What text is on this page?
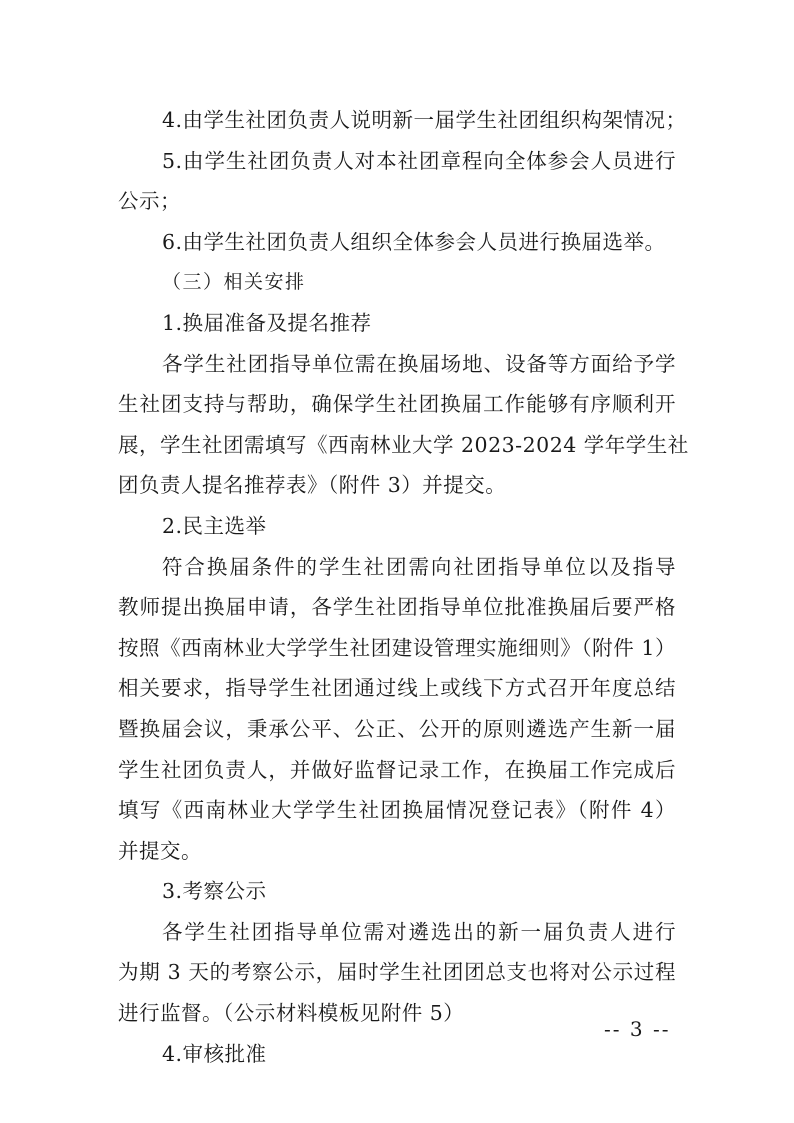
4.由学生社团负责人说明新一届学生社团组织构架情况；
5.由学生社团负责人对本社团章程向全体参会人员进行
公示；
6.由学生社团负责人组织全体参会人员进行换届选举。
（三）相关安排
1.换届准备及提名推荐
各学生社团指导单位需在换届场地、设备等方面给予学
生社团支持与帮助，确保学生社团换届工作能够有序顺利开
展，学生社团需填写《西南林业大学 2023-2024 学年学生社
团负责人提名推荐表》（附件 3）并提交。
2.民主选举
符合换届条件的学生社团需向社团指导单位以及指导
教师提出换届申请，各学生社团指导单位批准换届后要严格
按照《西南林业大学学生社团建设管理实施细则》（附件 1）
相关要求，指导学生社团通过线上或线下方式召开年度总结
暨换届会议，秉承公平、公正、公开的原则遴选产生新一届
学生社团负责人，并做好监督记录工作，在换届工作完成后
填写《西南林业大学学生社团换届情况登记表》（附件 4）
并提交。
3.考察公示
各学生社团指导单位需对遴选出的新一届负责人进行
为期 3 天的考察公示，届时学生社团团总支也将对公示过程
进行监督。（公示材料模板见附件 5）
4.审核批准
-- 3 --
